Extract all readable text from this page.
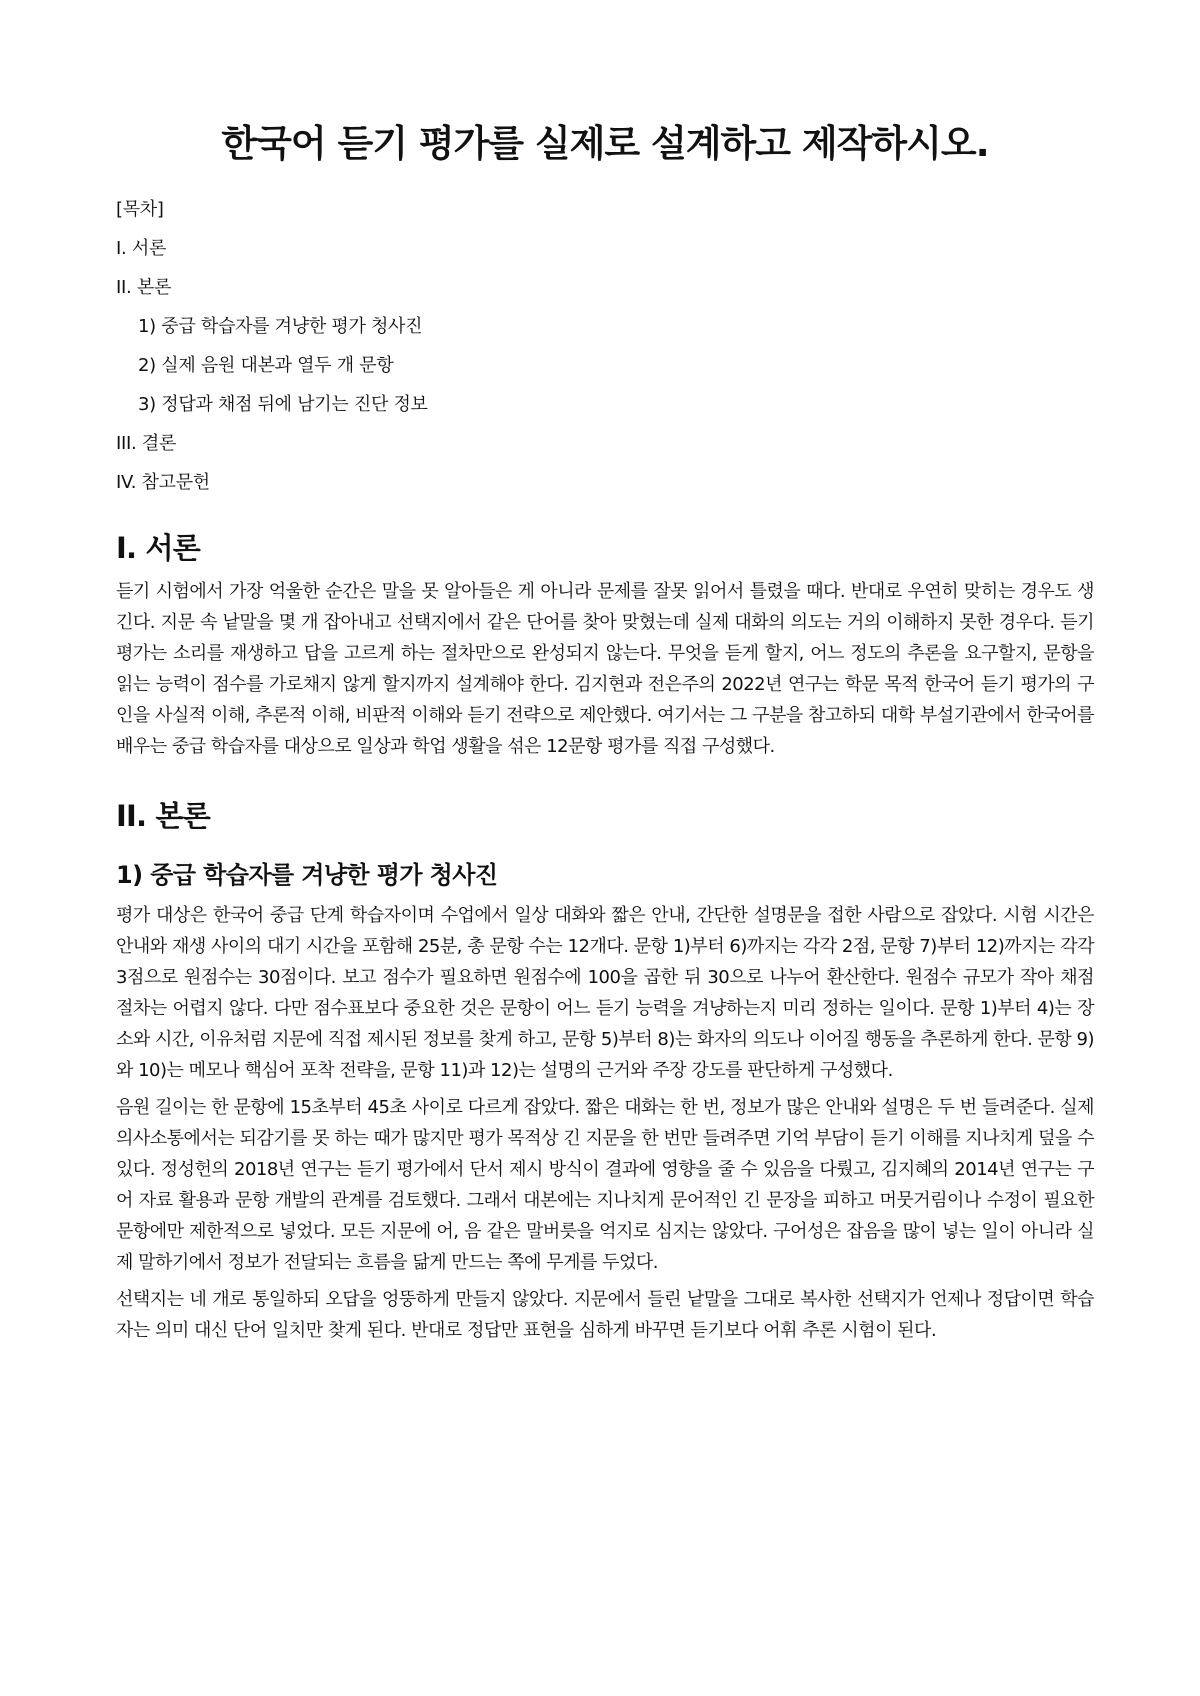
한국어 듣기 평가를 실제로 설계하고 제작하시오.
[목차]
I. 서론
II. 본론
1) 중급 학습자를 겨냥한 평가 청사진
2) 실제 음원 대본과 열두 개 문항
3) 정답과 채점 뒤에 남기는 진단 정보
III. 결론
IV. 참고문헌
I. 서론

듣기 시험에서 가장 억울한 순간은 말을 못 알아들은 게 아니라 문제를 잘못 읽어서 틀렸을 때다. 반대로 우연히 맞히는 경우도 생긴다. 지문 속 낱말을 몇 개 잡아내고 선택지에서 같은 단어를 찾아 맞혔는데 실제 대화의 의도는 거의 이해하지 못한 경우다. 듣기 평가는 소리를 재생하고 답을 고르게 하는 절차만으로 완성되지 않는다. 무엇을 듣게 할지, 어느 정도의 추론을 요구할지, 문항을 읽는 능력이 점수를 가로채지 않게 할지까지 설계해야 한다. 김지현과 전은주의 2022년 연구는 학문 목적 한국어 듣기 평가의 구인을 사실적 이해, 추론적 이해, 비판적 이해와 듣기 전략으로 제안했다. 여기서는 그 구분을 참고하되 대학 부설기관에서 한국어를 배우는 중급 학습자를 대상으로 일상과 학업 생활을 섞은 12문항 평가를 직접 구성했다.

II. 본론
1) 중급 학습자를 겨냥한 평가 청사진

평가 대상은 한국어 중급 단계 학습자이며 수업에서 일상 대화와 짧은 안내, 간단한 설명문을 접한 사람으로 잡았다. 시험 시간은 안내와 재생 사이의 대기 시간을 포함해 25분, 총 문항 수는 12개다. 문항 1)부터 6)까지는 각각 2점, 문항 7)부터 12)까지는 각각 3점으로 원점수는 30점이다. 보고 점수가 필요하면 원점수에 100을 곱한 뒤 30으로 나누어 환산한다. 원점수 규모가 작아 채점 절차는 어렵지 않다. 다만 점수표보다 중요한 것은 문항이 어느 듣기 능력을 겨냥하는지 미리 정하는 일이다. 문항 1)부터 4)는 장소와 시간, 이유처럼 지문에 직접 제시된 정보를 찾게 하고, 문항 5)부터 8)는 화자의 의도나 이어질 행동을 추론하게 한다. 문항 9)와 10)는 메모나 핵심어 포착 전략을, 문항 11)과 12)는 설명의 근거와 주장 강도를 판단하게 구성했다.

음원 길이는 한 문항에 15초부터 45초 사이로 다르게 잡았다. 짧은 대화는 한 번, 정보가 많은 안내와 설명은 두 번 들려준다. 실제 의사소통에서는 되감기를 못 하는 때가 많지만 평가 목적상 긴 지문을 한 번만 들려주면 기억 부담이 듣기 이해를 지나치게 덮을 수 있다. 정성헌의 2018년 연구는 듣기 평가에서 단서 제시 방식이 결과에 영향을 줄 수 있음을 다뤘고, 김지혜의 2014년 연구는 구어 자료 활용과 문항 개발의 관계를 검토했다. 그래서 대본에는 지나치게 문어적인 긴 문장을 피하고 머뭇거림이나 수정이 필요한 문항에만 제한적으로 넣었다. 모든 지문에 어, 음 같은 말버릇을 억지로 심지는 않았다. 구어성은 잡음을 많이 넣는 일이 아니라 실제 말하기에서 정보가 전달되는 흐름을 닮게 만드는 쪽에 무게를 두었다.

선택지는 네 개로 통일하되 오답을 엉뚱하게 만들지 않았다. 지문에서 들린 낱말을 그대로 복사한 선택지가 언제나 정답이면 학습자는 의미 대신 단어 일치만 찾게 된다. 반대로 정답만 표현을 심하게 바꾸면 듣기보다 어휘 추론 시험이 된다.
